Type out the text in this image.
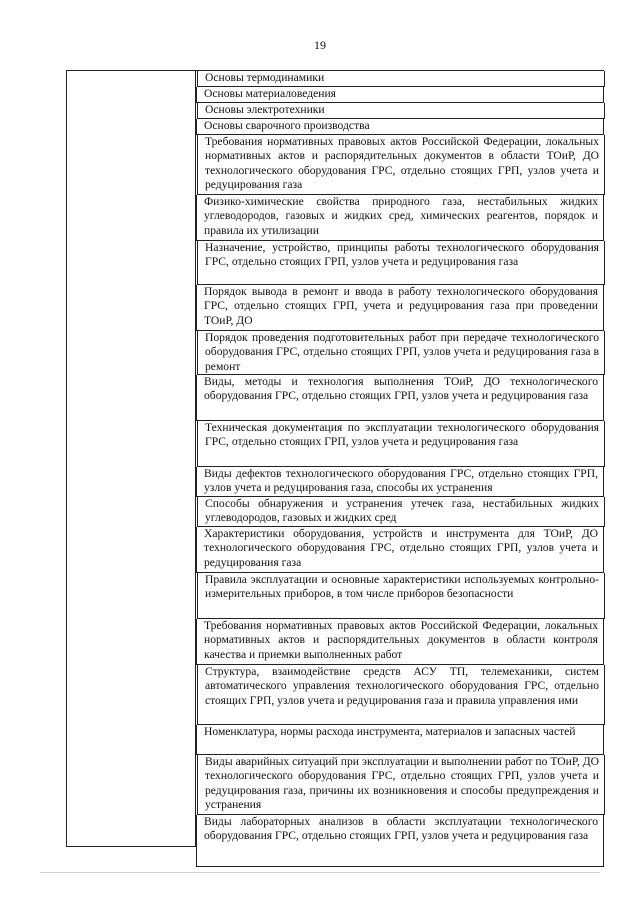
19
Основы термодинамики
Основы материаловедения
Основы электротехники
Основы сварочного производства
Требования нормативных правовых актов Российской Федерации, локальных нормативных актов и распорядительных документов в области ТОиР, ДО технологического оборудования ГРС, отдельно стоящих ГРП, узлов учета и редуцирования газа
Физико-химические свойства природного газа, нестабильных жидких углеводородов, газовых и жидких сред, химических реагентов, порядок и правила их утилизации
Назначение, устройство, принципы работы технологического оборудования ГРС, отдельно стоящих ГРП, узлов учета и редуцирования газа
Порядок вывода в ремонт и ввода в работу технологического оборудования ГРС, отдельно стоящих ГРП, учета и редуцирования газа при проведении ТОиР, ДО
Порядок проведения подготовительных работ при передаче технологического оборудования ГРС, отдельно стоящих ГРП, узлов учета и редуцирования газа в ремонт
Виды, методы и технология выполнения ТОиР, ДО технологического оборудования ГРС, отдельно стоящих ГРП, узлов учета и редуцирования газа
Техническая документация по эксплуатации технологического оборудования ГРС, отдельно стоящих ГРП, узлов учета и редуцирования газа
Виды дефектов технологического оборудования ГРС, отдельно стоящих ГРП, узлов учета и редуцирования газа, способы их устранения
Способы обнаружения и устранения утечек газа, нестабильных жидких углеводородов, газовых и жидких сред
Характеристики оборудования, устройств и инструмента для ТОиР, ДО технологического оборудования ГРС, отдельно стоящих ГРП, узлов учета и редуцирования газа
Правила эксплуатации и основные характеристики используемых контрольно-измерительных приборов, в том числе приборов безопасности
Требования нормативных правовых актов Российской Федерации, локальных нормативных актов и распорядительных документов в области контроля качества и приемки выполненных работ
Структура, взаимодействие средств АСУ ТП, телемеханики, систем автоматического управления технологического оборудования ГРС, отдельно стоящих ГРП, узлов учета и редуцирования газа и правила управления ими
Номенклатура, нормы расхода инструмента, материалов и запасных частей
Виды аварийных ситуаций при эксплуатации и выполнении работ по ТОиР, ДО технологического оборудования ГРС, отдельно стоящих ГРП, узлов учета и редуцирования газа, причины их возникновения и способы предупреждения и устранения
Виды лабораторных анализов в области эксплуатации технологического оборудования ГРС, отдельно стоящих ГРП, узлов учета и редуцирования газа
